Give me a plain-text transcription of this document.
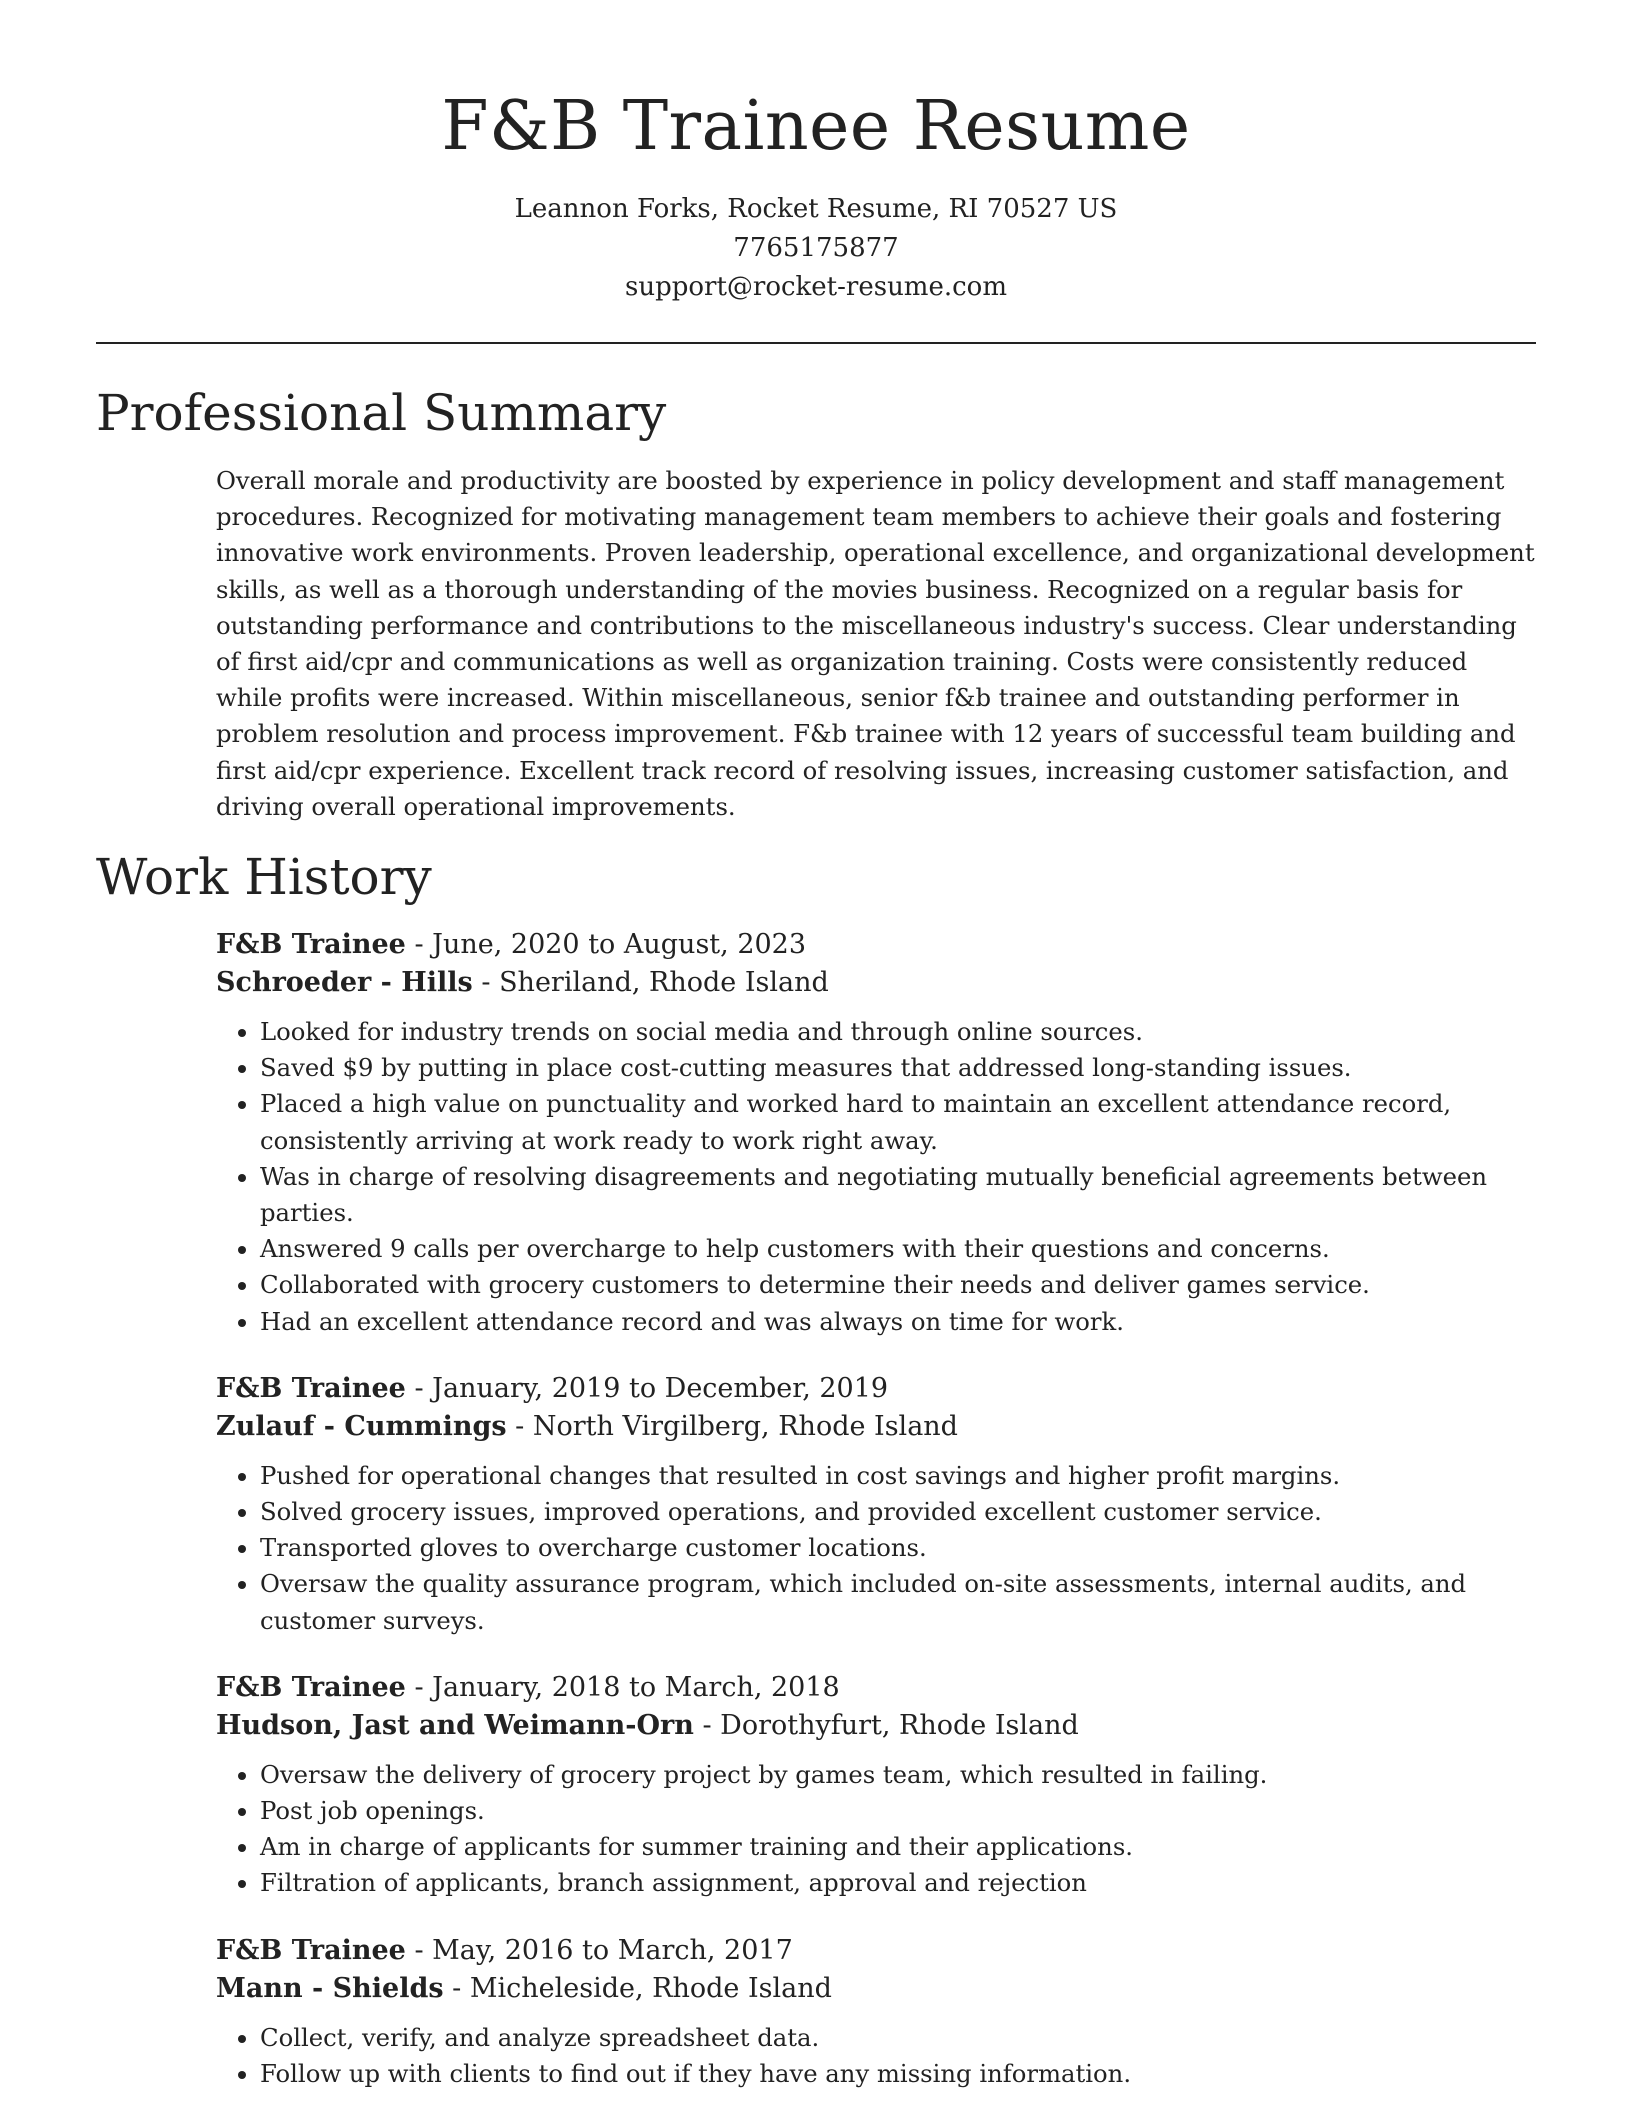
F&B Trainee Resume
Leannon Forks, Rocket Resume, RI 70527 US
7765175877
support@rocket-resume.com
Professional Summary

Overall morale and productivity are boosted by experience in policy development and staff management procedures. Recognized for motivating management team members to achieve their goals and fostering innovative work environments. Proven leadership, operational excellence, and organizational development skills, as well as a thorough understanding of the movies business. Recognized on a regular basis for outstanding performance and contributions to the miscellaneous industry's success. Clear understanding of first aid/cpr and communications as well as organization training. Costs were consistently reduced while profits were increased. Within miscellaneous, senior f&b trainee and outstanding performer in problem resolution and process improvement. F&b trainee with 12 years of successful team building and first aid/cpr experience. Excellent track record of resolving issues, increasing customer satisfaction, and driving overall operational improvements.

Work History
F&B Trainee - June, 2020 to August, 2023
Schroeder - Hills - Sheriland, Rhode Island
• Looked for industry trends on social media and through online sources.
• Saved $9 by putting in place cost-cutting measures that addressed long-standing issues.
• Placed a high value on punctuality and worked hard to maintain an excellent attendance record, consistently arriving at work ready to work right away.
• Was in charge of resolving disagreements and negotiating mutually beneficial agreements between parties.
• Answered 9 calls per overcharge to help customers with their questions and concerns.
• Collaborated with grocery customers to determine their needs and deliver games service.
• Had an excellent attendance record and was always on time for work.
F&B Trainee - January, 2019 to December, 2019
Zulauf - Cummings - North Virgilberg, Rhode Island
• Pushed for operational changes that resulted in cost savings and higher profit margins.
• Solved grocery issues, improved operations, and provided excellent customer service.
• Transported gloves to overcharge customer locations.
• Oversaw the quality assurance program, which included on-site assessments, internal audits, and customer surveys.
F&B Trainee - January, 2018 to March, 2018
Hudson, Jast and Weimann-Orn - Dorothyfurt, Rhode Island
• Oversaw the delivery of grocery project by games team, which resulted in failing.
• Post job openings.
• Am in charge of applicants for summer training and their applications.
• Filtration of applicants, branch assignment, approval and rejection
F&B Trainee - May, 2016 to March, 2017
Mann - Shields - Micheleside, Rhode Island
• Collect, verify, and analyze spreadsheet data.
• Follow up with clients to find out if they have any missing information.
